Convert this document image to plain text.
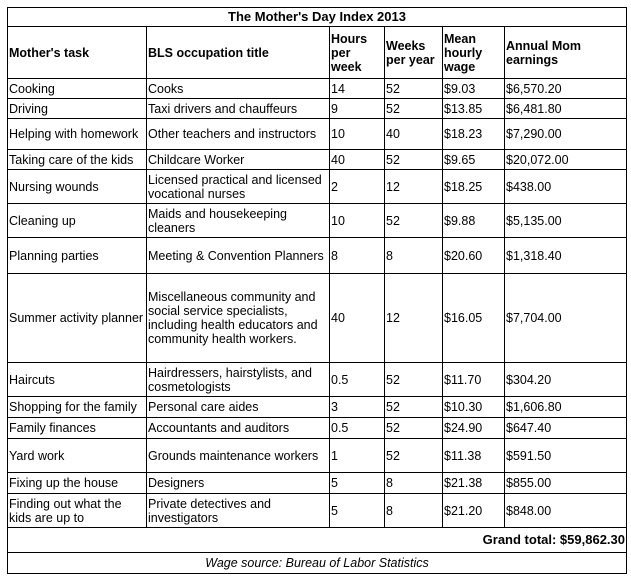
The Mother's Day Index 2013					
Mother's task	BLS occupation title	Hours per week	Weeks per year	Mean hourly wage	Annual Mom earnings
Cooking	Cooks	14	52	$9.03	$6,570.20
Driving	Taxi drivers and chauffeurs	9	52	$13.85	$6,481.80
Helping with homework	Other teachers and instructors	10	40	$18.23	$7,290.00
Taking care of the kids	Childcare Worker	40	52	$9.65	$20,072.00
Nursing wounds	Licensed practical and licensed vocational nurses	2	12	$18.25	$438.00
Cleaning up	Maids and housekeeping cleaners	10	52	$9.88	$5,135.00
Planning parties	Meeting & Convention Planners	8	8	$20.60	$1,318.40
Summer activity planner	Miscellaneous community and social service specialists, including health educators and community health workers.	40	12	$16.05	$7,704.00
Haircuts	Hairdressers, hairstylists, and cosmetologists	0.5	52	$11.70	$304.20
Shopping for the family	Personal care aides	3	52	$10.30	$1,606.80
Family finances	Accountants and auditors	0.5	52	$24.90	$647.40
Yard work	Grounds maintenance workers	1	52	$11.38	$591.50
Fixing up the house	Designers	5	8	$21.38	$855.00
Finding out what the kids are up to	Private detectives and investigators	5	8	$21.20	$848.00
Grand total: $59,862.30					
Wage source: Bureau of Labor Statistics					
